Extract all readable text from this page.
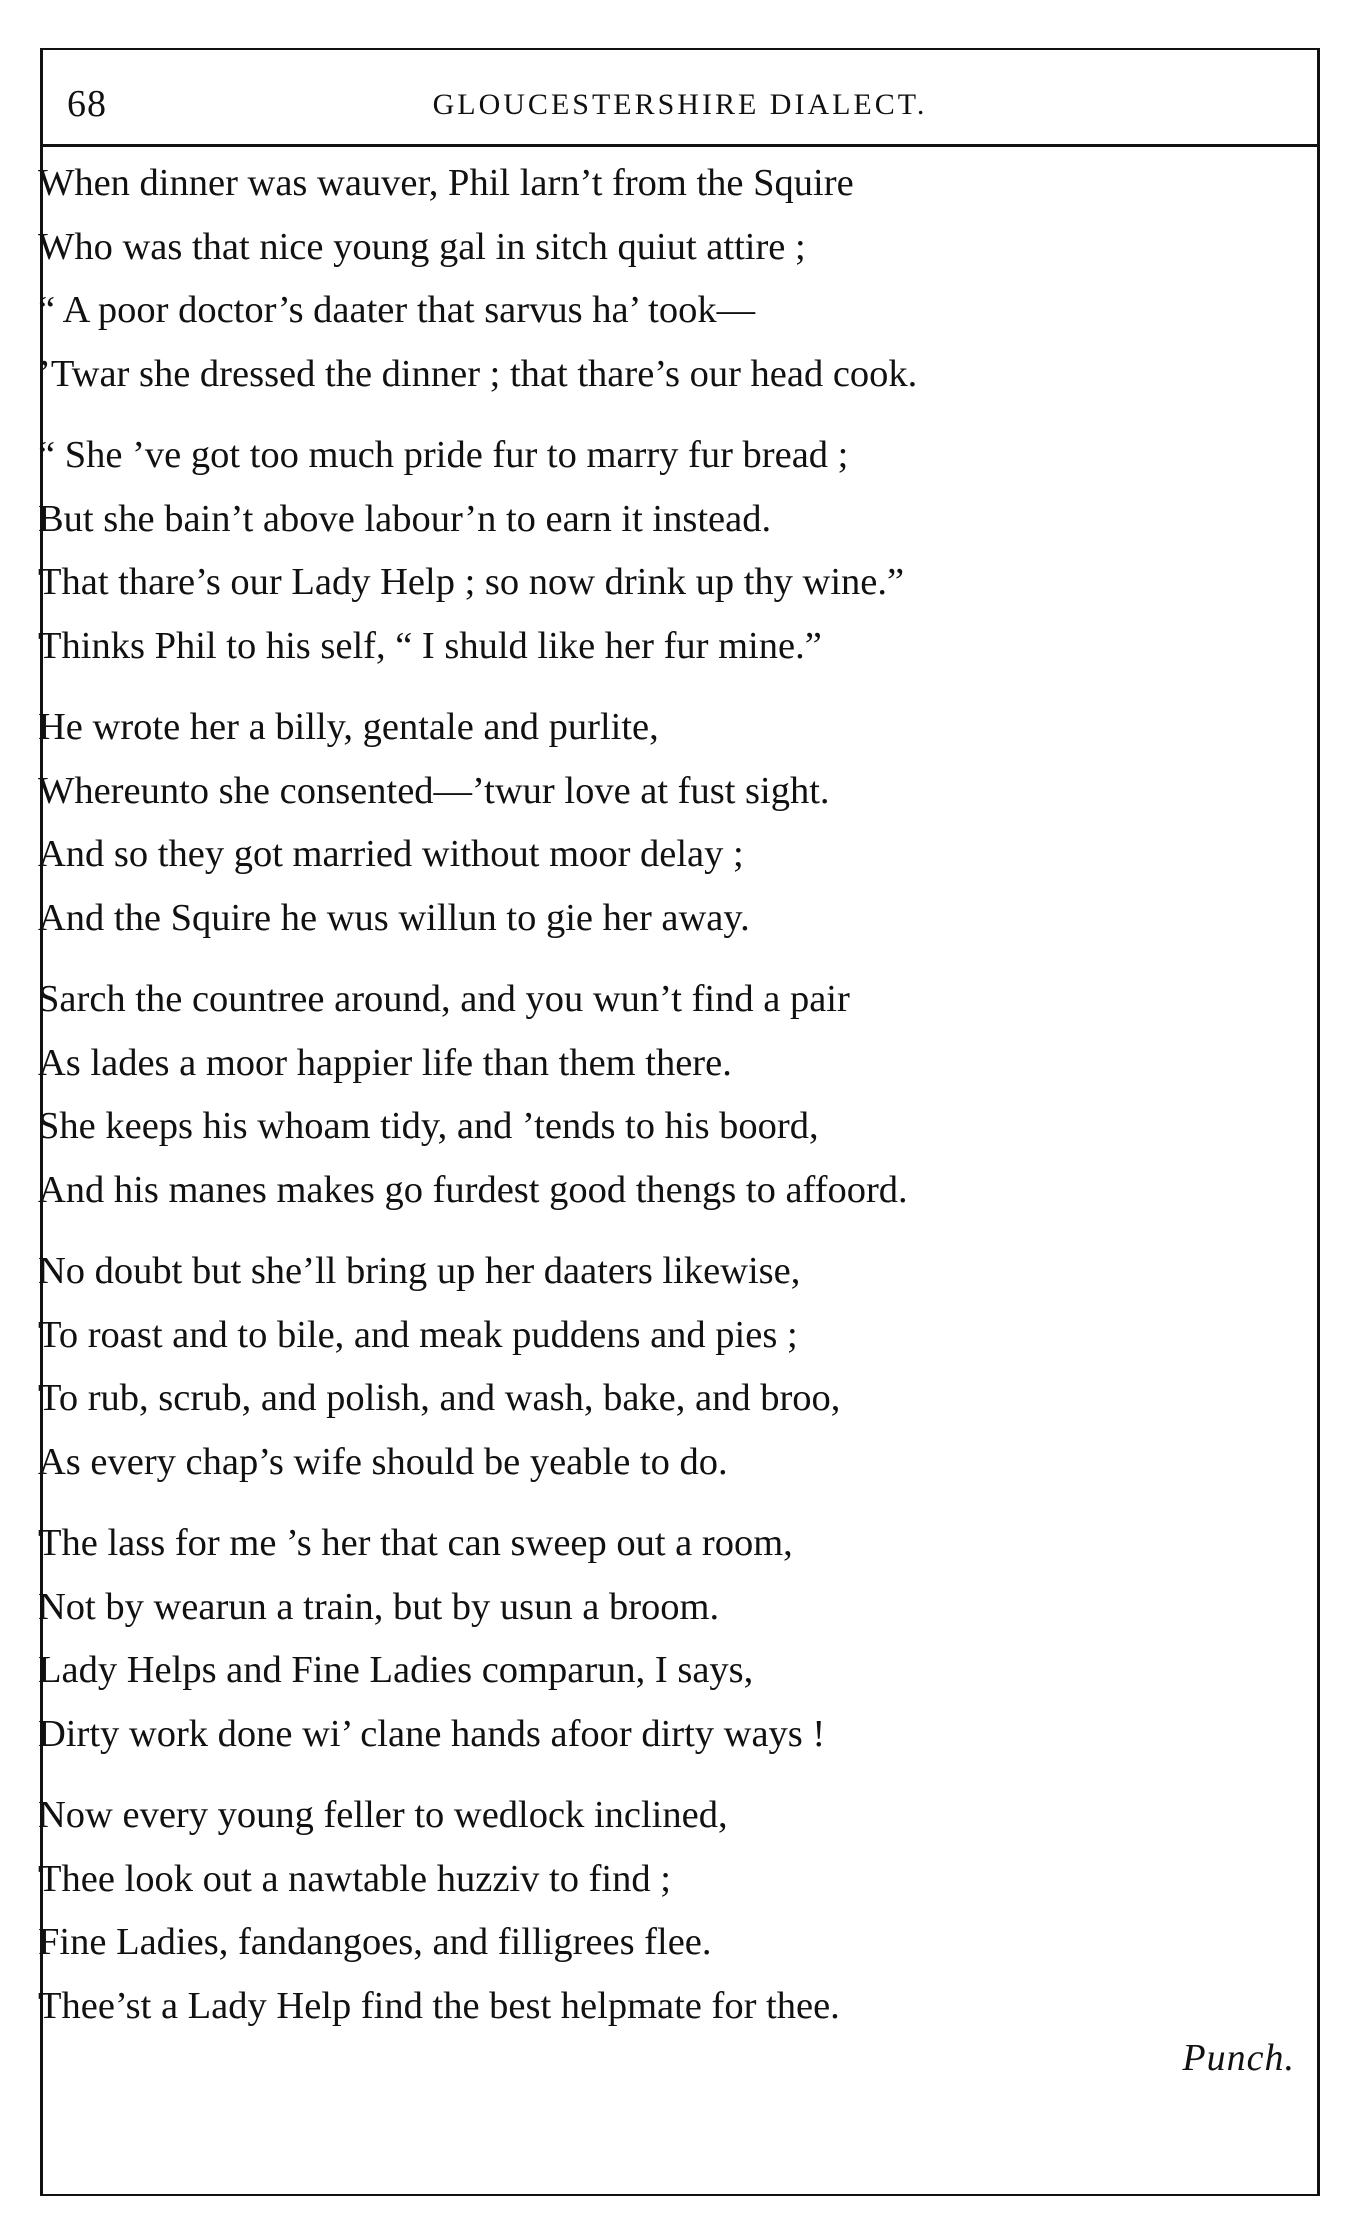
68	GLOUCESTERSHIRE DIALECT.
When dinner was wauver, Phil larn’t from the Squire
Who was that nice young gal in sitch quiut attire ;
“ A poor doctor’s daater that sarvus ha’ took—
’Twar she dressed the dinner ; that thare’s our head cook.
“ She ’ve got too much pride fur to marry fur bread ;
But she bain’t above labour’n to earn it instead.
That thare’s our Lady Help ; so now drink up thy wine.”
Thinks Phil to his self, “ I shuld like her fur mine.”
He wrote her a billy, gentale and purlite,
Whereunto she consented—’twur love at fust sight.
And so they got married without moor delay ;
And the Squire he wus willun to gie her away.
Sarch the countree around, and you wun’t find a pair
As lades a moor happier life than them there.
She keeps his whoam tidy, and ’tends to his boord,
And his manes makes go furdest good thengs to affoord.
No doubt but she’ll bring up her daaters likewise,
To roast and to bile, and meak puddens and pies ;
To rub, scrub, and polish, and wash, bake, and broo,
As every chap’s wife should be yeable to do.
The lass for me ’s her that can sweep out a room,
Not by wearun a train, but by usun a broom.
Lady Helps and Fine Ladies comparun, I says,
Dirty work done wi’ clane hands afoor dirty ways !
Now every young feller to wedlock inclined,
Thee look out a nawtable huzziv to find ;
Fine Ladies, fandangoes, and filligrees flee.
Thee’st a Lady Help find the best helpmate for thee.
Punch.
